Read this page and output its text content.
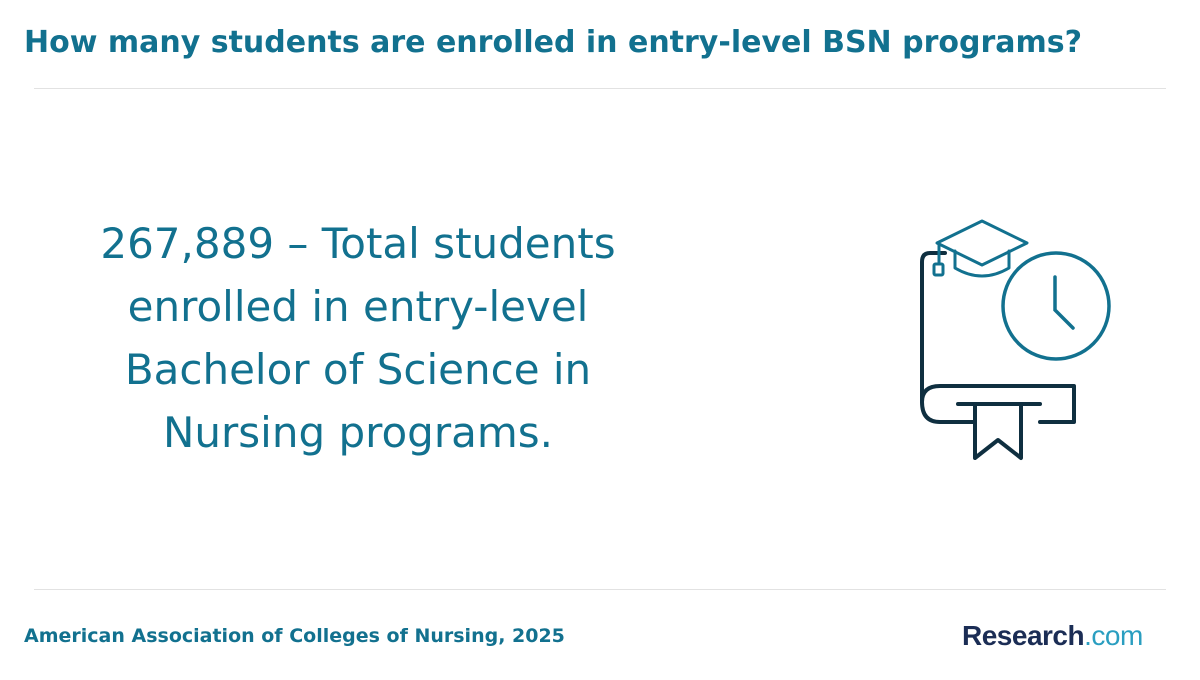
How many students are enrolled in entry-level BSN programs?

267,889 – Total students
enrolled in entry-level
Bachelor of Science in
Nursing programs.

American Association of Colleges of Nursing, 2025	Research.com
